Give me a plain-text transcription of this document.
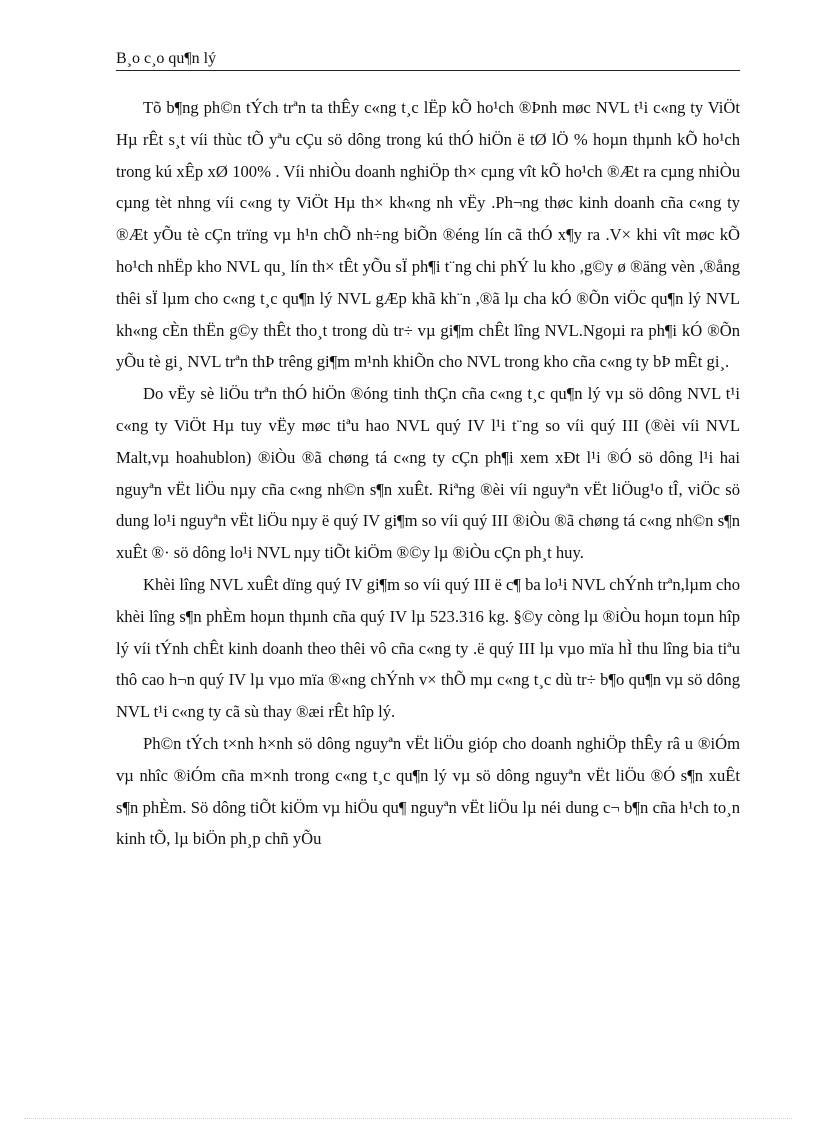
B¸o c¸o qu¶n lý

Tõ b¶ng ph©n tÝch trªn ta thÊy c«ng t¸c lËp kÕ ho¹ch ®Þnh møc NVL t¹i c«ng ty ViÖt Hµ rÊt s¸t víi thùc tÕ yªu cÇu sö dông trong kú thÓ hiÖn ë tØ lÖ % hoµn thµnh kÕ ho¹ch trong kú xÊp xØ 100% . Víi nhiÒu doanh nghiÖp th× cµng vît kÕ ho¹ch ®Æt ra cµng nhiÒu cµng tèt nhng víi c«ng ty ViÖt Hµ th× kh«ng nh vËy .Ph¬ng thøc kinh doanh cña c«ng ty ®Æt yÕu tè cÇn trïng vµ h¹n chÕ nh÷ng biÕn ®éng lín cã thÓ x¶y ra .V× khi vît møc kÕ ho¹ch nhËp kho NVL qu¸ lín th× tÊt yÕu sÏ ph¶i t¨ng chi phÝ lu kho ,g©y ø ®äng vèn ,®ång thêi sÏ lµm cho c«ng t¸c qu¶n lý NVL gÆp khã kh¨n ,®ã lµ cha kÓ ®Õn viÖc qu¶n lý NVL kh«ng cÈn thËn g©y thÊt tho¸t trong dù tr÷ vµ gi¶m chÊt lîng NVL.Ngoµi ra ph¶i kÓ ®Õn yÕu tè gi¸ NVL trªn thÞ trêng gi¶m m¹nh khiÕn cho NVL trong kho cña c«ng ty bÞ mÊt gi¸.

Do vËy sè liÖu trªn thÓ hiÖn ®óng tinh thÇn cña c«ng t¸c qu¶n lý vµ sö dông NVL t¹i c«ng ty ViÖt Hµ tuy vËy møc tiªu hao NVL quý IV l¹i t¨ng so víi quý III (®èi víi NVL Malt,vµ hoahublon) ®iÒu ®ã chøng tá c«ng ty cÇn ph¶i xem xÐt l¹i ®Ó sö dông l¹i hai nguyªn vËt liÖu nµy cña c«ng nh©n s¶n xuÊt. Riªng ®èi víi nguyªn vËt liÖug¹o tÎ, viÖc sö dung lo¹i nguyªn vËt liÖu nµy ë quý IV gi¶m so víi quý III ®iÒu ®ã chøng tá c«ng nh©n s¶n xuÊt ®· sö dông lo¹i NVL nµy tiÕt kiÖm ®©y lµ ®iÒu cÇn ph¸t huy.

Khèi lîng NVL xuÊt dïng quý IV gi¶m so víi quý III ë c¶ ba lo¹i NVL chÝnh trªn,lµm cho khèi lîng s¶n phÈm hoµn thµnh cña quý IV lµ 523.316 kg. §©y còng lµ ®iÒu hoµn toµn hîp lý víi tÝnh chÊt kinh doanh theo thêi vô cña c«ng ty .ë quý III lµ vµo mïa hÌ thu lîng bia tiªu thô cao h¬n quý IV lµ vµo mïa ®«ng chÝnh v× thÕ mµ c«ng t¸c dù tr÷ b¶o qu¶n vµ sö dông NVL t¹i c«ng ty cã sù thay ®æi rÊt hîp lý.

Ph©n tÝch t×nh h×nh sö dông nguyªn vËt liÖu gióp cho doanh nghiÖp thÊy râ u ®iÓm vµ nhîc ®iÓm cña m×nh trong c«ng t¸c qu¶n lý vµ sö dông nguyªn vËt liÖu ®Ó s¶n xuÊt s¶n phÈm. Sö dông tiÕt kiÖm vµ hiÖu qu¶ nguyªn vËt liÖu lµ néi dung c¬ b¶n cña h¹ch to¸n kinh tÕ, lµ biÖn ph¸p chñ yÕu
